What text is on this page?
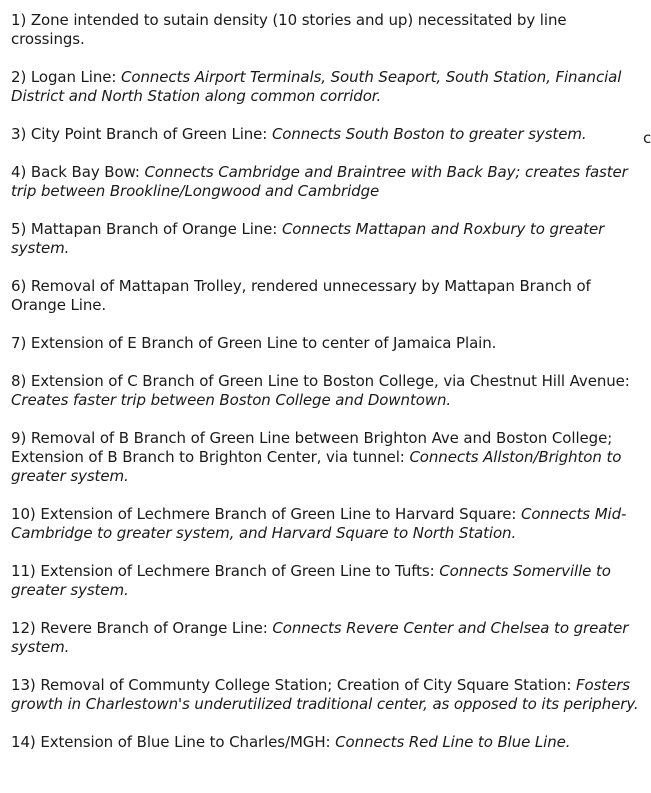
1) Zone intended to sutain density (10 stories and up) necessitated by line crossings.

2) Logan Line: Connects Airport Terminals, South Seaport, South Station, Financial District and North Station along common corridor.

3) City Point Branch of Green Line: Connects South Boston to greater system.

4) Back Bay Bow: Connects Cambridge and Braintree with Back Bay; creates faster trip between Brookline/Longwood and Cambridge

5) Mattapan Branch of Orange Line: Connects Mattapan and Roxbury to greater system.

6) Removal of Mattapan Trolley, rendered unnecessary by Mattapan Branch of Orange Line.

7) Extension of E Branch of Green Line to center of Jamaica Plain.

8) Extension of C Branch of Green Line to Boston College, via Chestnut Hill Avenue: Creates faster trip between Boston College and Downtown.

9) Removal of B Branch of Green Line between Brighton Ave and Boston College; Extension of B Branch to Brighton Center, via tunnel: Connects Allston/Brighton to greater system.

10) Extension of Lechmere Branch of Green Line to Harvard Square: Connects Mid-Cambridge to greater system, and Harvard Square to North Station.

11) Extension of Lechmere Branch of Green Line to Tufts: Connects Somerville to greater system.

12) Revere Branch of Orange Line: Connects Revere Center and Chelsea to greater system.

13) Removal of Communty College Station; Creation of City Square Station: Fosters growth in Charlestown's underutilized traditional center, as opposed to its periphery.

14) Extension of Blue Line to Charles/MGH: Connects Red Line to Blue Line.

c
